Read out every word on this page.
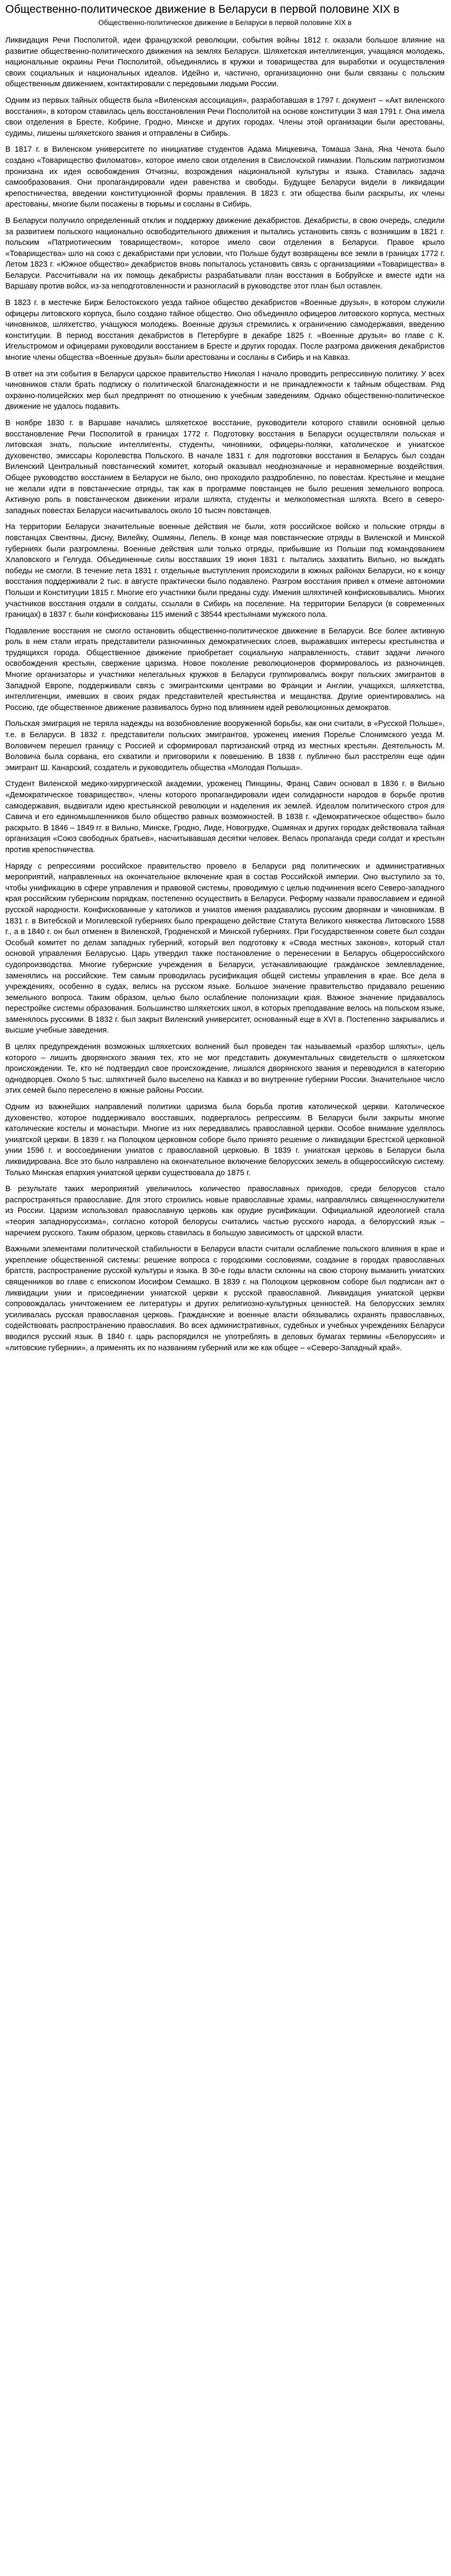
Общественно-политическое движение в Беларуси в первой половине XIX в
Общественно-политическое движение в Беларуси в первой половине XIX в

Ликвидация Речи Посполитой, идеи французской революции, события войны 1812 г. оказали большое влияние на развитие общественно-политического движения на землях Беларуси. Шляхетская интеллигенция, учащаяся молодежь, национальные окраины Речи Посполитой, объединялись в кружки и товарищества для выработки и осуществления своих социальных и национальных идеалов. Идейно и, частично, организационно они были связаны с польским общественным движением, контактировали с передовыми людьми России.

Одним из первых тайных обществ была «Виленская ассоциация», разработавшая в 1797 г. документ – «Акт виленского восстания», в котором ставилась цель восстановления Речи Посполитой на основе конституции 3 мая 1791 г. Она имела свои отделения в Бресте, Кобрине, Гродно, Минске и других городах. Члены этой организации были арестованы, судимы, лишены шляхетского звания и отправлены в Сибирь.

В 1817 г. в Виленском университете по инициативе студентов Адама Мицкевича, Томаша Зана, Яна Чечота было создано «Товарищество филоматов», которое имело свои отделения в Свислочской гимназии. Польским патриотизмом пронизана их идея освобождения Отчизны, возрождения национальной культуры и языка. Ставилась задача самообразования. Они пропагандировали идеи равенства и свободы. Будущее Беларуси видели в ликвидации крепостничества, введении конституционной формы правления. В 1823 г. эти общества были раскрыты, их члены арестованы, многие были посажены в тюрьмы и сосланы в Сибирь.

В Беларуси получило определенный отклик и поддержку движение декабристов. Декабристы, в свою очередь, следили за развитием польского национально освободительного движения и пытались установить связь с возникшим в 1821 г. польским «Патриотическим товариществом», которое имело свои отделения в Беларуси. Правое крыло «Товарищества» шло на союз с декабристами при условии, что Польше будут возвращены все земли в границах 1772 г. Летом 1823 г. «Южное общество» декабристов вновь попыталось установить связь с организациями «Товарищества» в Беларуси. Рассчитывали на их помощь декабристы разрабатывали план восстания в Бобруйске и вместе идти на Варшаву против войск, из-за неподготовленности и разногласий в руководстве этот план был оставлен.

В 1823 г. в местечке Бирж Белостокского уезда тайное общество декабристов «Военные друзья», в котором служили офицеры литовского корпуса, было создано тайное общество. Оно объединяло офицеров литовского корпуса, местных чиновников, шляхетство, учащуюся молодежь. Военные друзья стремились к ограничению самодержавия, введению конституции. В период восстания декабристов в Петербурге в декабре 1825 г. «Военные друзья» во главе с К. Игельстромом и офицерами руководили восстанием в Бресте и других городах. После разгрома движения декабристов многие члены общества «Военные друзья» были арестованы и сосланы в Сибирь и на Кавказ.

В ответ на эти события в Беларуси царское правительство Николая I начало проводить репрессивную политику. У всех чиновников стали брать подписку о политической благонадежности и не принадлежности к тайным обществам. Ряд охранно-полицейских мер был предпринят по отношению к учебным заведениям. Однако общественно-политическое движение не удалось подавить.

В ноябре 1830 г. в Варшаве начались шляхетское восстание, руководители которого ставили основной целью восстановление Речи Посполитой в границах 1772 г. Подготовку восстания в Беларуси осуществляли польская и литовская знать, польские интеллигенты, студенты, чиновники, офицеры-поляки, католическое и униатское духовенство, эмиссары Королевства Польского. В начале 1831 г. для подготовки восстания в Беларусь был создан Виленский Центральный повстанческий комитет, который оказывал неоднозначные и неравномерные воздействия. Общее руководство восстанием в Беларуси не было, оно проходило раздробленно, по повестам. Крестьяне и мещане не желали идти в повстанческие отряды, так как в программе повстанцев не было решения земельного вопроса. Активную роль в повстанческом движении играли шляхта, студенты и мелкопоместная шляхта. Всего в северо-западных повестах Беларуси насчитывалось около 10 тысяч повстанцев.

На территории Беларуси значительные военные действия не были, хотя российское войско и польские отряды в повстанцах Свентяны, Дисну, Вилейку, Ошмяны, Лепель. В конце мая повстанческие отряды в Виленской и Минской губерниях были разгромлены. Военные действия шли только отряды, прибывшие из Польши под командованием Хлаповского и Гелгуда. Объединенные силы восставших 19 июня 1831 г. пытались захватить Вильно, но выждать победы не смогли. В течение лета 1831 г. отдельные выступления происходили в южных районах Беларуси, но к концу восстания поддерживали 2 тыс. в августе практически было подавлено. Разгром восстания привел к отмене автономии Польши и Конституции 1815 г. Многие его участники были преданы суду. Имения шляхтичей конфисковывались. Многих участников восстания отдали в солдаты, ссылали в Сибирь на поселение. На территории Беларуси (в современных границах) в 1837 г. были конфискованы 115 имений с 38544 крестьянами мужского пола.

Подавление восстания не смогло остановить общественно-политическое движение в Беларуси. Все более активную роль в нем стали играть представители разночинных демократических слоев, выражавших интересы крестьянства и трудящихся города. Общественное движение приобретает социальную направленность, ставит задачи личного освобождения крестьян, свержение царизма. Новое поколение революционеров формировалось из разночинцев. Многие организаторы и участники нелегальных кружков в Беларуси группировались вокруг польских эмигрантов в Западной Европе, поддерживали связь с эмигрантскими центрами во Франции и Англии, учащихся, шляхетства, интеллигенции, имевших в своих рядах представителей крестьянства и мещанства. Другие ориентировались на Россию, где общественное движение развивалось бурно под влиянием идей революционных демократов.

Польская эмиграция не теряла надежды на возобновление вооруженной борьбы, как они считали, в «Русской Польше», т.е. в Беларуси. В 1832 г. представители польских эмигрантов, уроженец имения Порелье Слонимского уезда М. Воловичем перешел границу с Россией и сформировал партизанский отряд из местных крестьян. Деятельность М. Воловича была сорвана, его схватили и приговорили к повешению. В 1838 г. публично был расстрелян еще один эмигрант Ш. Канарский, создатель и руководитель общества «Молодая Польша».

Студент Виленской медико-хирургической академии, уроженец Пинщины, Франц Савич основал в 1836 г. в Вильно «Демократическое товарищество», члены которого пропагандировали идеи солидарности народов в борьбе против самодержавия, выдвигали идею крестьянской революции и наделения их землей. Идеалом политического строя для Савича и его единомышленников было общество равных возможностей. В 1838 г. «Демократическое общество» было раскрыто. В 1846 – 1849 гг. в Вильно, Минске, Гродно, Лиде, Новогрудке, Ошмянах и других городах действовала тайная организация «Союз свободных братьев», насчитывавшая десятки человек. Велась пропаганда среди солдат и крестьян против крепостничества.

Наряду с репрессиями российское правительство провело в Беларуси ряд политических и административных мероприятий, направленных на окончательное включение края в состав Российской империи. Оно выступило за то, чтобы унификацию в сфере управления и правовой системы, проводимую с целью подчинения всего Северо-западного края российским губернским порядкам, постепенно осуществить в Беларуси. Реформу назвали православием и единой русской народности. Конфискованные у католиков и униатов имения раздавались русским дворянам и чиновникам. В 1831 г. в Витебской и Могилевской губерниях было прекращено действие Статута Великого княжества Литовского 1588 г., а в 1840 г. он был отменен в Виленской, Гродненской и Минской губерниях. При Государственном совете был создан Особый комитет по делам западных губерний, который вел подготовку к «Свода местных законов», который стал основой управления Беларусью. Царь утвердил также постановление о перенесении в Беларусь общероссийского судопроизводства. Многие губернские учреждения в Беларуси, устанавливающие гражданское землевладение, заменялись на российские. Тем самым проводилась русификация общей системы управления в крае. Все дела в учреждениях, особенно в судах, велись на русском языке. Большое значение правительство придавало решению земельного вопроса. Таким образом, целью было ослабление полонизации края. Важное значение придавалось перестройке системы образования. Большинство шляхетских школ, в которых преподавание велось на польском языке, заменялось русскими. В 1832 г. был закрыт Виленский университет, основанный еще в XVI в. Постепенно закрывались и высшие учебные заведения.

В целях предупреждения возможных шляхетских волнений был проведен так называемый «разбор шляхты», цель которого – лишить дворянского звания тех, кто не мог представить документальных свидетельств о шляхетском происхождении. Те, кто не подтвердил свое происхождение, лишался дворянского звания и переводился в категорию однодворцев. Около 5 тыс. шляхтичей было выселено на Кавказ и во внутренние губернии России. Значительное число этих семей было переселено в южные районы России.

Одним из важнейших направлений политики царизма была борьба против католической церкви. Католическое духовенство, которое поддерживало восставших, подвергалось репрессиям. В Беларуси были закрыты многие католические костелы и монастыри. Многие из них передавались православной церкви. Особое внимание уделялось униатской церкви. В 1839 г. на Полоцком церковном соборе было принято решение о ликвидации Брестской церковной унии 1596 г. и воссоединении униатов с православной церковью. В 1839 г. униатская церковь в Беларуси была ликвидирована. Все это было направлено на окончательное включение белорусских земель в общероссийскую систему. Только Минская епархия униатской церкви существовала до 1875 г.

В результате таких мероприятий увеличилось количество православных приходов, среди белорусов стало распространяться православие. Для этого строились новые православные храмы, направлялись священнослужители из России. Царизм использовал православную церковь как орудие русификации. Официальной идеологией стала «теория западноруссизма», согласно которой белорусы считались частью русского народа, а белорусский язык – наречием русского. Таким образом, церковь ставилась в большую зависимость от царской власти.

Важными элементами политической стабильности в Беларуси власти считали ослабление польского влияния в крае и укрепление общественной системы: решение вопроса с городскими сословиями, создание в городах православных братств, распространение русской культуры и языка. В 30-е годы власти склонны на свою сторону выманить униатских священников во главе с епископом Иосифом Семашко. В 1839 г. на Полоцком церковном соборе был подписан акт о ликвидации унии и присоединении униатской церкви к русской православной. Ликвидация униатской церкви сопровождалась уничтожением ее литературы и других религиозно-культурных ценностей. На белорусских землях усиливалась русская православная церковь. Гражданские и военные власти обязывались охранять православных, содействовать распространению православия. Во всех административных, судебных и учебных учреждениях Беларуси вводился русский язык. В 1840 г. царь распорядился не употреблять в деловых бумагах термины «Белоруссия» и «литовские губернии», а применять их по названиям губерний или же как общее – «Северо-Западный край».
